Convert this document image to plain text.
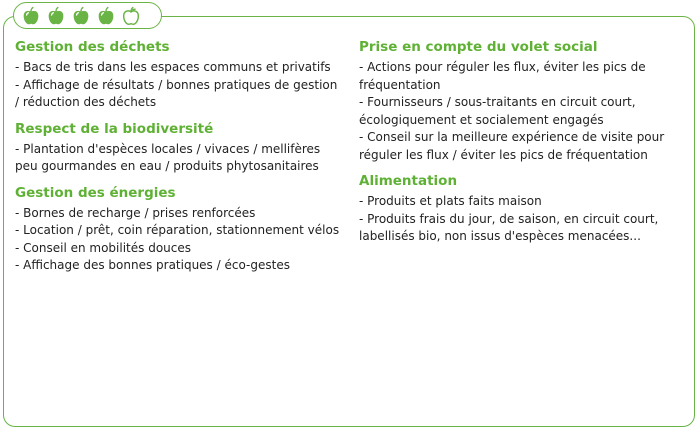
Gestion des déchets
- Bacs de tris dans les espaces communs et privatifs
- Affichage de résultats / bonnes pratiques de gestion / réduction des déchets
Respect de la biodiversité
- Plantation d'espèces locales / vivaces / mellifères peu gourmandes en eau / produits phytosanitaires
Gestion des énergies
- Bornes de recharge / prises renforcées
- Location / prêt, coin réparation, stationnement vélos
- Conseil en mobilités douces
- Affichage des bonnes pratiques / éco-gestes
Prise en compte du volet social
- Actions pour réguler les flux, éviter les pics de fréquentation
- Fournisseurs / sous-traitants en circuit court, écologiquement et socialement engagés
- Conseil sur la meilleure expérience de visite pour réguler les flux / éviter les pics de fréquentation
Alimentation
- Produits et plats faits maison
- Produits frais du jour, de saison, en circuit court, labellisés bio, non issus d'espèces menacées...
